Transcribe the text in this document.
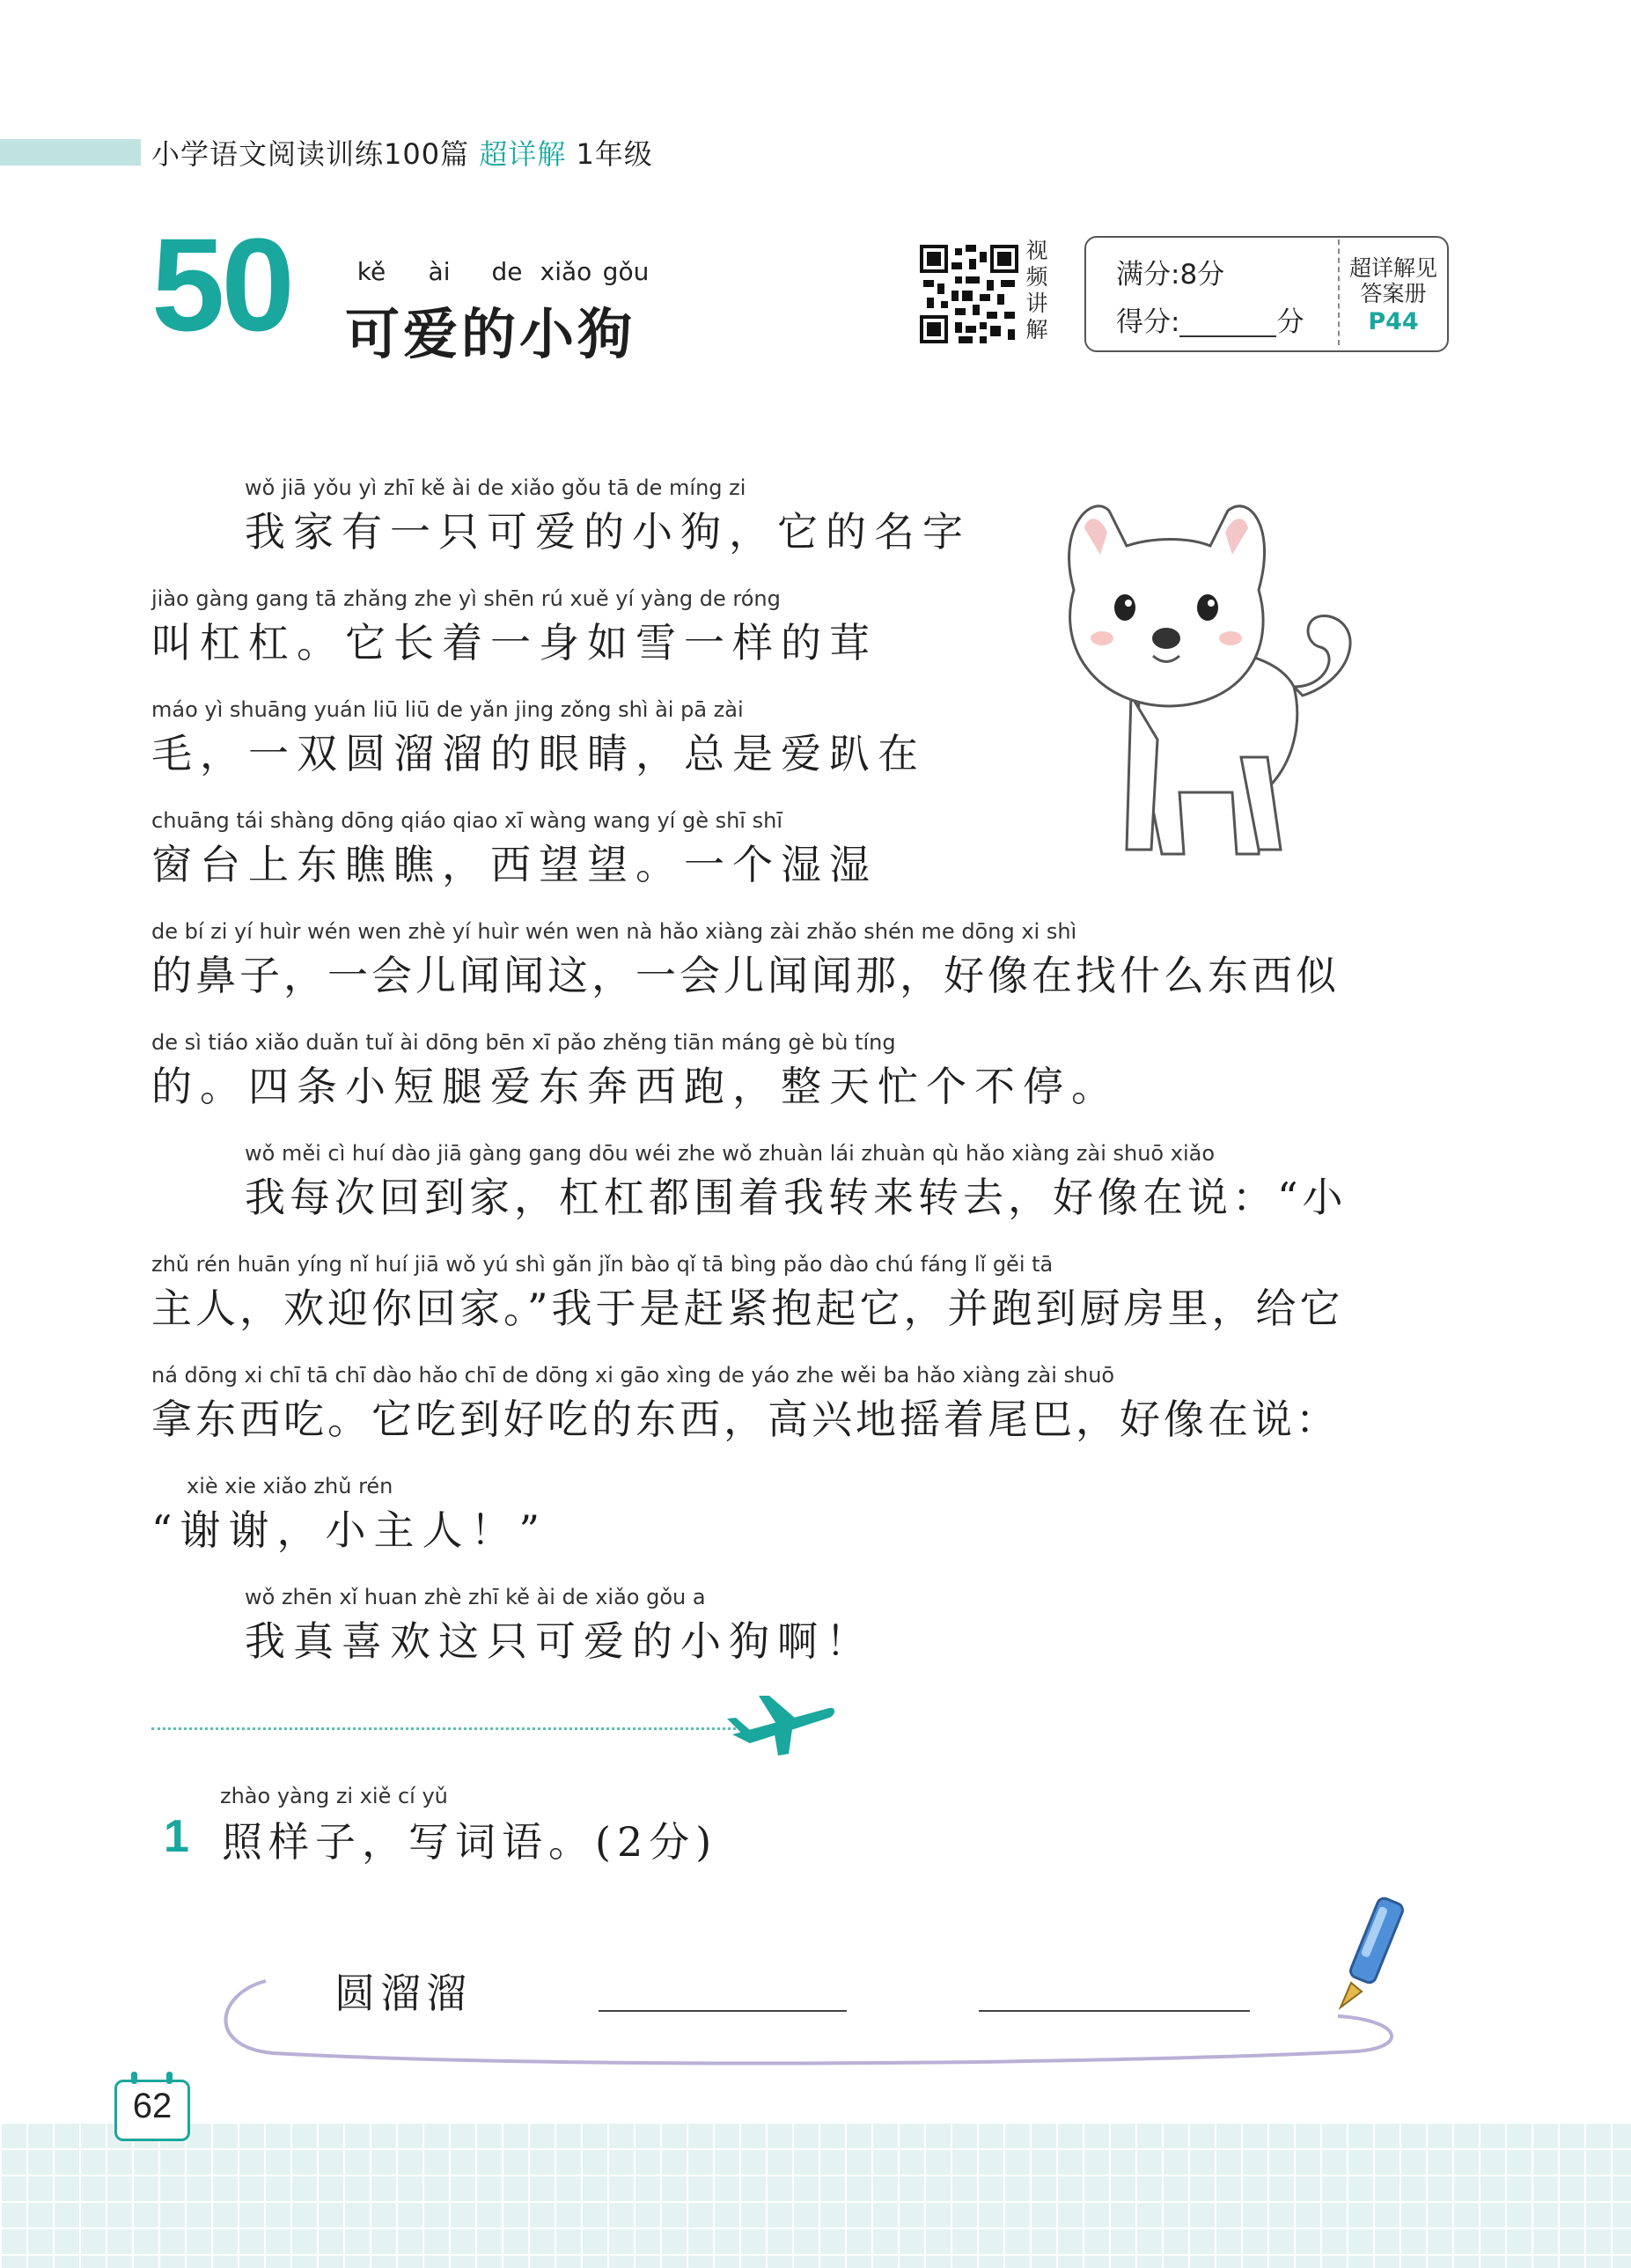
小学语文阅读训练100篇 超详解 1年级
50	kě ài de xiǎo gǒu
可爱的小狗
视
频
讲
解
满分:8分
得分:	分
超详解见答案册
P44
wǒ jiā yǒu yì zhī kě ài de xiǎo gǒu tā de míng zi
我家有一只可爱的小狗，它的名字
jiào gàng gang tā zhǎng zhe yì shēn rú xuě yí yàng de róng
叫杠杠。它长着一身如雪一样的茸
máo yì shuāng yuán liū liū de yǎn jing zǒng shì ài pā zài
毛，一双圆溜溜的眼睛，总是爱趴在
chuāng tái shàng dōng qiáo qiao xī wàng wang yí gè shī shī
窗台上东瞧瞧，西望望。一个湿湿
de bí zi yí huìr wén wen zhè yí huìr wén wen nà hǎo xiàng zài zhǎo shén me dōng xi shì
的鼻子，一会儿闻闻这，一会儿闻闻那，好像在找什么东西似
de sì tiáo xiǎo duǎn tuǐ ài dōng bēn xī pǎo zhěng tiān máng gè bù tíng
的。四条小短腿爱东奔西跑，整天忙个不停。
wǒ měi cì huí dào jiā gàng gang dōu wéi zhe wǒ zhuàn lái zhuàn qù hǎo xiàng zài shuō xiǎo
我每次回到家，杠杠都围着我转来转去，好像在说：“小
zhǔ rén huān yíng nǐ huí jiā wǒ yú shì gǎn jǐn bào qǐ tā bìng pǎo dào chú fáng lǐ gěi tā
主人，欢迎你回家。”我于是赶紧抱起它，并跑到厨房里，给它
ná dōng xi chī tā chī dào hǎo chī de dōng xi gāo xìng de yáo zhe wěi ba hǎo xiàng zài shuō
拿东西吃。它吃到好吃的东西，高兴地摇着尾巴，好像在说：
xiè xie xiǎo zhǔ rén
“谢谢，小主人！”
wǒ zhēn xǐ huan zhè zhī kě ài de xiǎo gǒu a
我真喜欢这只可爱的小狗啊！
1
zhào yàng zi xiě cí yǔ
照样子，写词语。(2分)
圆溜溜
62
